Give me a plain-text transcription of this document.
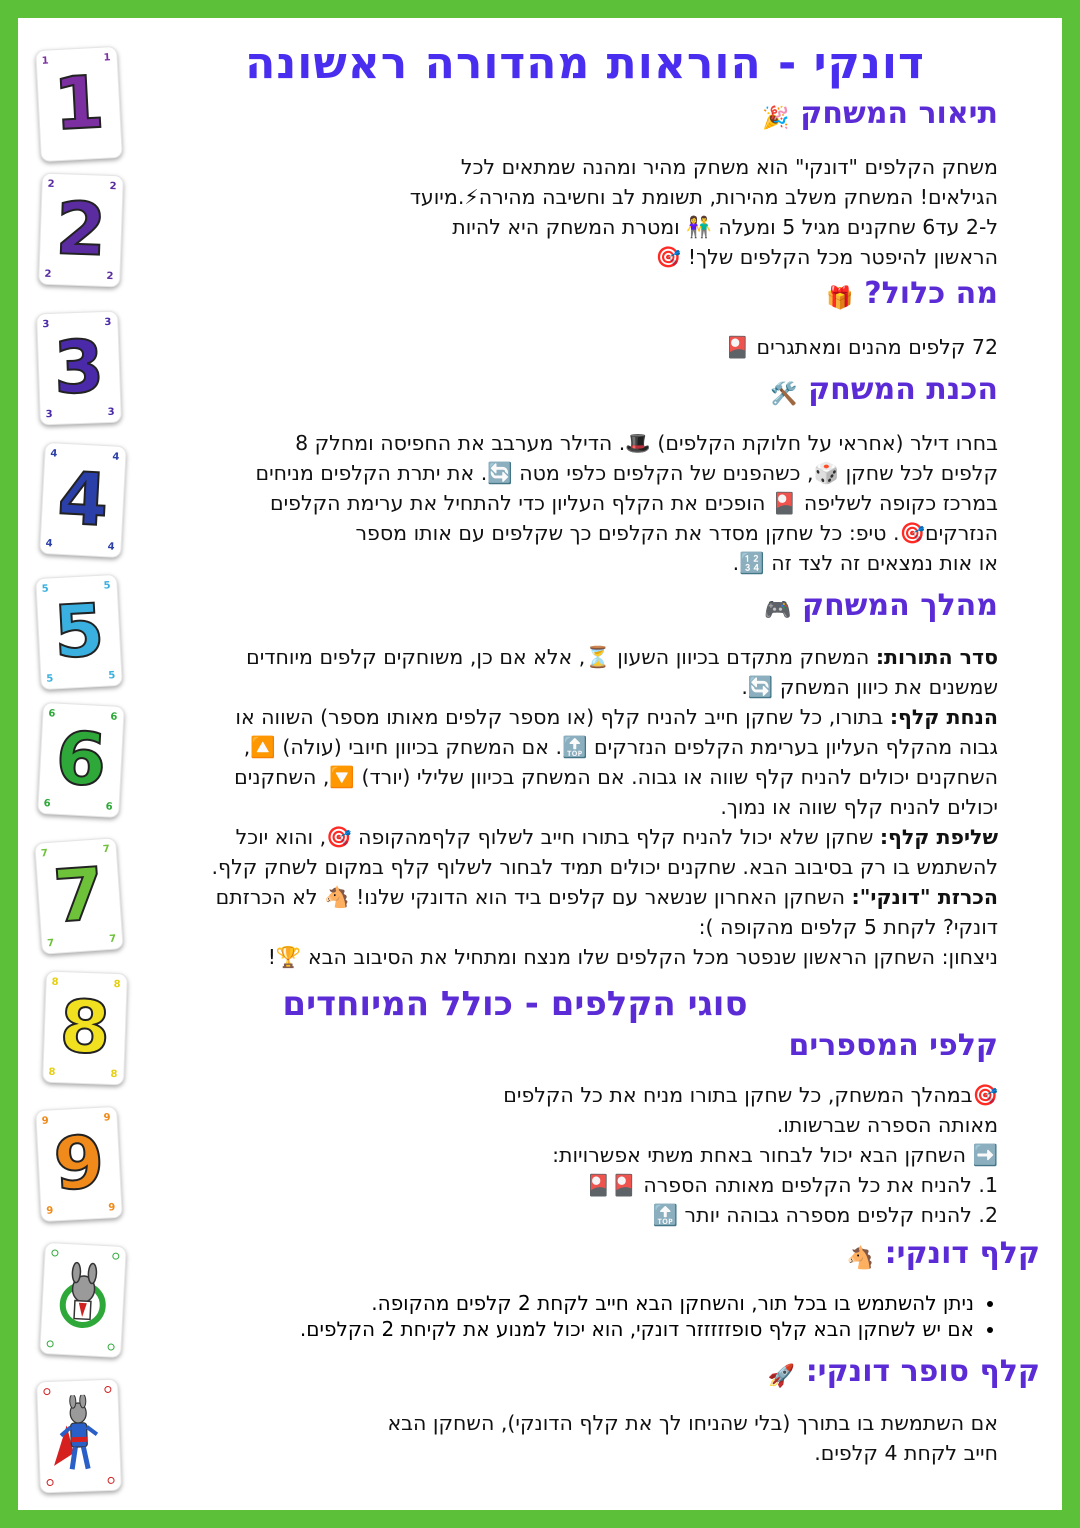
דונקי - הוראות מהדורה ראשונה
1	1
1
2	2
2	2
2
3	3
3	3
3
4	4
4	4
4
5	5
5	5
5
6	6
6	6
6
7	7
7	7
7
8	8
8	8
8
9	9
9	9
9
תיאור המשחק 🎉
משחק הקלפים "דונקי" הוא משחק מהיר ומהנה שמתאים לכל
הגילאים! המשחק משלב מהירות, תשומת לב וחשיבה מהירה⚡.מיועד
ל-2 עד6 שחקנים מגיל 5 ומעלה 👫 ומטרת המשחק היא להיות
הראשון להיפטר מכל הקלפים שלך! 🎯
מה כלול? 🎁
72 קלפים מהנים ומאתגרים 🎴
הכנת המשחק 🛠️
בחרו דילר (אחראי על חלוקת הקלפים) 🎩. הדילר מערבב את החפיסה ומחלק 8
קלפים לכל שחקן 🎲, כשהפנים של הקלפים כלפי מטה 🔄. את יתרת הקלפים מניחים
במרכז כקופה לשליפה 🎴 הופכים את הקלף העליון כדי להתחיל את ערימת הקלפים
הנזרקים🎯. טיפ: כל שחקן מסדר את הקלפים כך שקלפים עם אותו מספר
או אות נמצאים זה לצד זה 🔢.
מהלך המשחק 🎮
סדר התורות: המשחק מתקדם בכיוון השעון ⏳, אלא אם כן, משוחקים קלפים מיוחדים
שמשנים את כיוון המשחק 🔄.
הנחת קלף: בתורו, כל שחקן חייב להניח קלף (או מספר קלפים מאותו מספר) השווה או
גבוה מהקלף העליון בערימת הקלפים הנזרקים 🔝. אם המשחק בכיוון חיובי (עולה) 🔼,
השחקנים יכולים להניח קלף שווה או גבוה. אם המשחק בכיוון שלילי (יורד) 🔽, השחקנים
יכולים להניח קלף שווה או נמוך.
שליפת קלף: שחקן שלא יכול להניח קלף בתורו חייב לשלוף קלףמהקופה 🎯, והוא יוכל
להשתמש בו רק בסיבוב הבא. שחקנים יכולים תמיד לבחור לשלוף קלף במקום לשחק קלף.
הכרזת "דונקי": השחקן האחרון שנשאר עם קלפים ביד הוא הדונקי שלנו! 🐴 לא הכרזתם
דונקי? לקחת 5 קלפים מהקופה ):
ניצחון: השחקן הראשון שנפטר מכל הקלפים שלו מנצח ומתחיל את הסיבוב הבא 🏆!
סוגי הקלפים - כולל המיוחדים
קלפי המספרים
🎯במהלך המשחק, כל שחקן בתורו מניח את כל הקלפים
מאותה הספרה שברשותו.
➡️ השחקן הבא יכול לבחור באחת משתי אפשרויות:
1. להניח את כל הקלפים מאותה הספרה 🎴🎴
2. להניח קלפים מספרה גבוהה יותר 🔝
קלף דונקי: 🐴
• ניתן להשתמש בו בכל תור, והשחקן הבא חייב לקחת 2 קלפים מהקופה.
• אם יש לשחקן הבא קלף סופזזזזזר דונקי, הוא יכול למנוע את לקיחת 2 הקלפים.
קלף סופר דונקי: 🚀
אם השתמשת בו בתורך (בלי שהניחו לך את קלף הדונקי), השחקן הבא
חייב לקחת 4 קלפים.
